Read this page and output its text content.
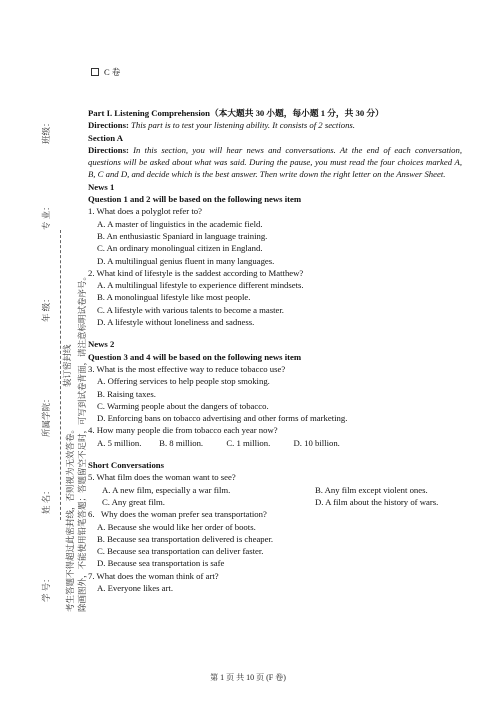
学 号：
姓 名：
所属学院：
年 级：
专 业：
班级：
装订密封线
考生答题不得超过此密封线，否则视为无效答卷。 除画图外，不能使用铅笔答题；答题留空不足时，可写到试卷背面，请注意标明试卷序号。
C 卷

Part I. Listening Comprehension（本大题共 30 小题，每小题 1 分，共 30 分）

Directions: This part is to test your listening ability. It consists of 2 sections.

Section A

Directions: In this section, you will hear news and conversations. At the end of each conversation, questions will be asked about what was said. During the pause, you must read the four choices marked A, B, C and D, and decide which is the best answer. Then write down the right letter on the Answer Sheet.

News 1

Question 1 and 2 will be based on the following news item

1. What does a polyglot refer to?

A. A master of linguistics in the academic field.

B. An enthusiastic Spaniard in language training.

C. An ordinary monolingual citizen in England.

D. A multilingual genius fluent in many languages.

2. What kind of lifestyle is the saddest according to Matthew?

A. A multilingual lifestyle to experience different mindsets.

B. A monolingual lifestyle like most people.

C. A lifestyle with various talents to become a master.

D. A lifestyle without loneliness and sadness.

News 2

Question 3 and 4 will be based on the following news item

3. What is the most effective way to reduce tobacco use?

A. Offering services to help people stop smoking.

B. Raising taxes.

C. Warming people about the dangers of tobacco.

D. Enforcing bans on tobacco advertising and other forms of marketing.

4. How many people die from tobacco each year now?

A. 5 million. B. 8 million.	C. 1 million.	D. 10 billion.

Short Conversations

5. What film does the woman want to see?

A. A new film, especially a war film.	B. Any film except violent ones.
C. Any great film.	D. A film about the history of wars.

6.   Why does the woman prefer sea transportation?

A. Because she would like her order of boots.

B. Because sea transportation delivered is cheaper.

C. Because sea transportation can deliver faster.

D. Because sea transportation is safe

7. What does the woman think of art?

A. Everyone likes art.

第 1 页 共 10 页 (F 卷)
